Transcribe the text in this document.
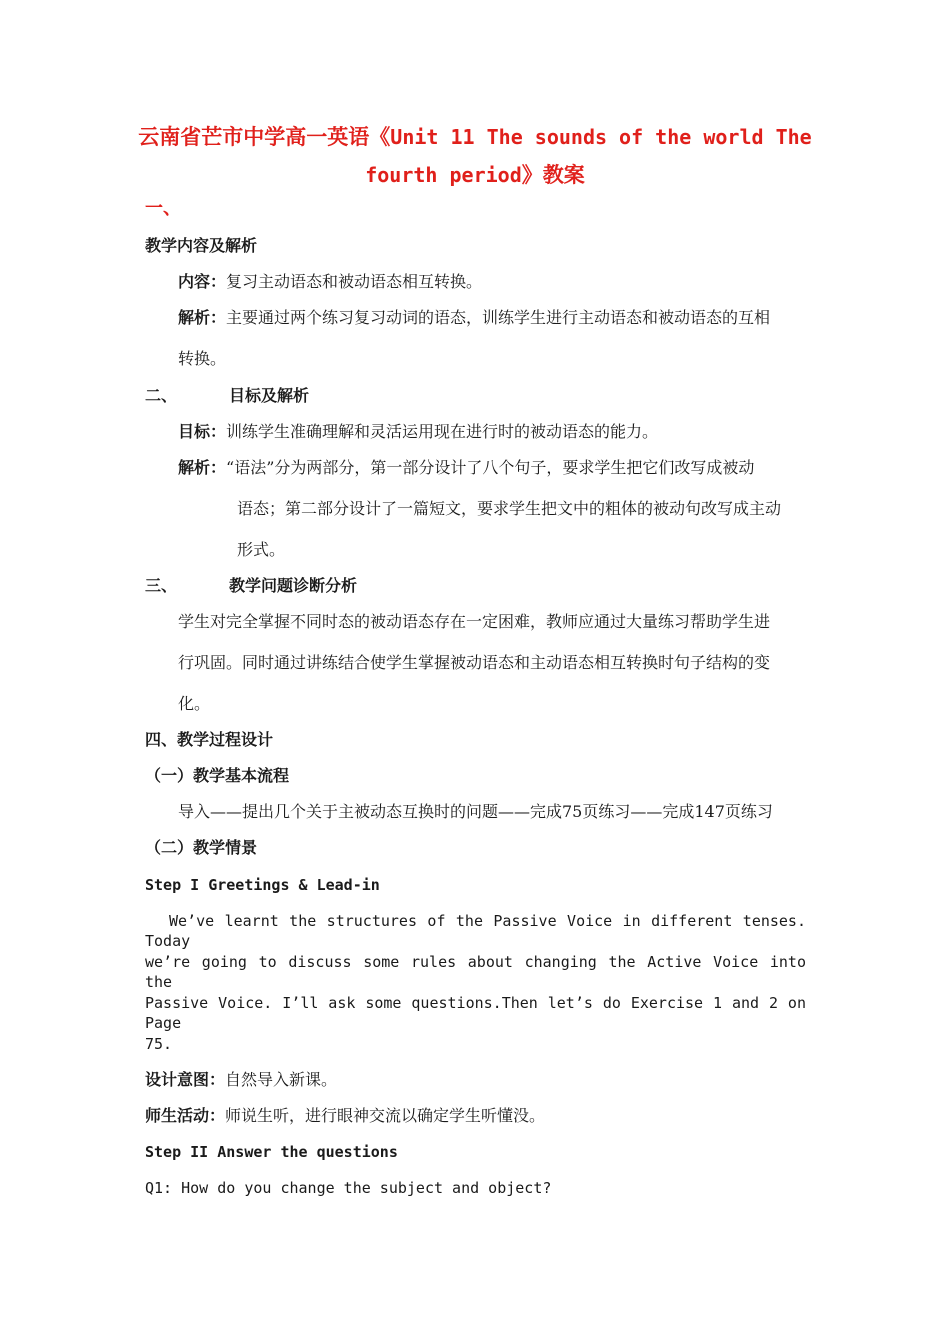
云南省芒市中学高一英语《Unit 11 The sounds of the world The
fourth period》教案
一、
教学内容及解析
内容：复习主动语态和被动语态相互转换。
解析：主要通过两个练习复习动词的语态，训练学生进行主动语态和被动语态的互相
转换。
二、	目标及解析
目标：训练学生准确理解和灵活运用现在进行时的被动语态的能力。
解析：“语法”分为两部分，第一部分设计了八个句子，要求学生把它们改写成被动
语态；第二部分设计了一篇短文，要求学生把文中的粗体的被动句改写成主动
形式。
三、	教学问题诊断分析
学生对完全掌握不同时态的被动语态存在一定困难，教师应通过大量练习帮助学生进
行巩固。同时通过讲练结合使学生掌握被动语态和主动语态相互转换时句子结构的变
化。
四、教学过程设计
（一）教学基本流程
导入——提出几个关于主被动态互换时的问题——完成75页练习——完成147页练习
（二）教学情景
Step I Greetings & Lead-in
We’ve learnt the structures of the Passive Voice in different tenses. Today
we’re going to discuss some rules about changing the Active Voice into the
Passive Voice. I’ll ask some questions.Then let’s do Exercise 1 and 2 on Page
75.
设计意图：自然导入新课。
师生活动：师说生听，进行眼神交流以确定学生听懂没。
Step II Answer the questions
Q1: How do you change the subject and object?
